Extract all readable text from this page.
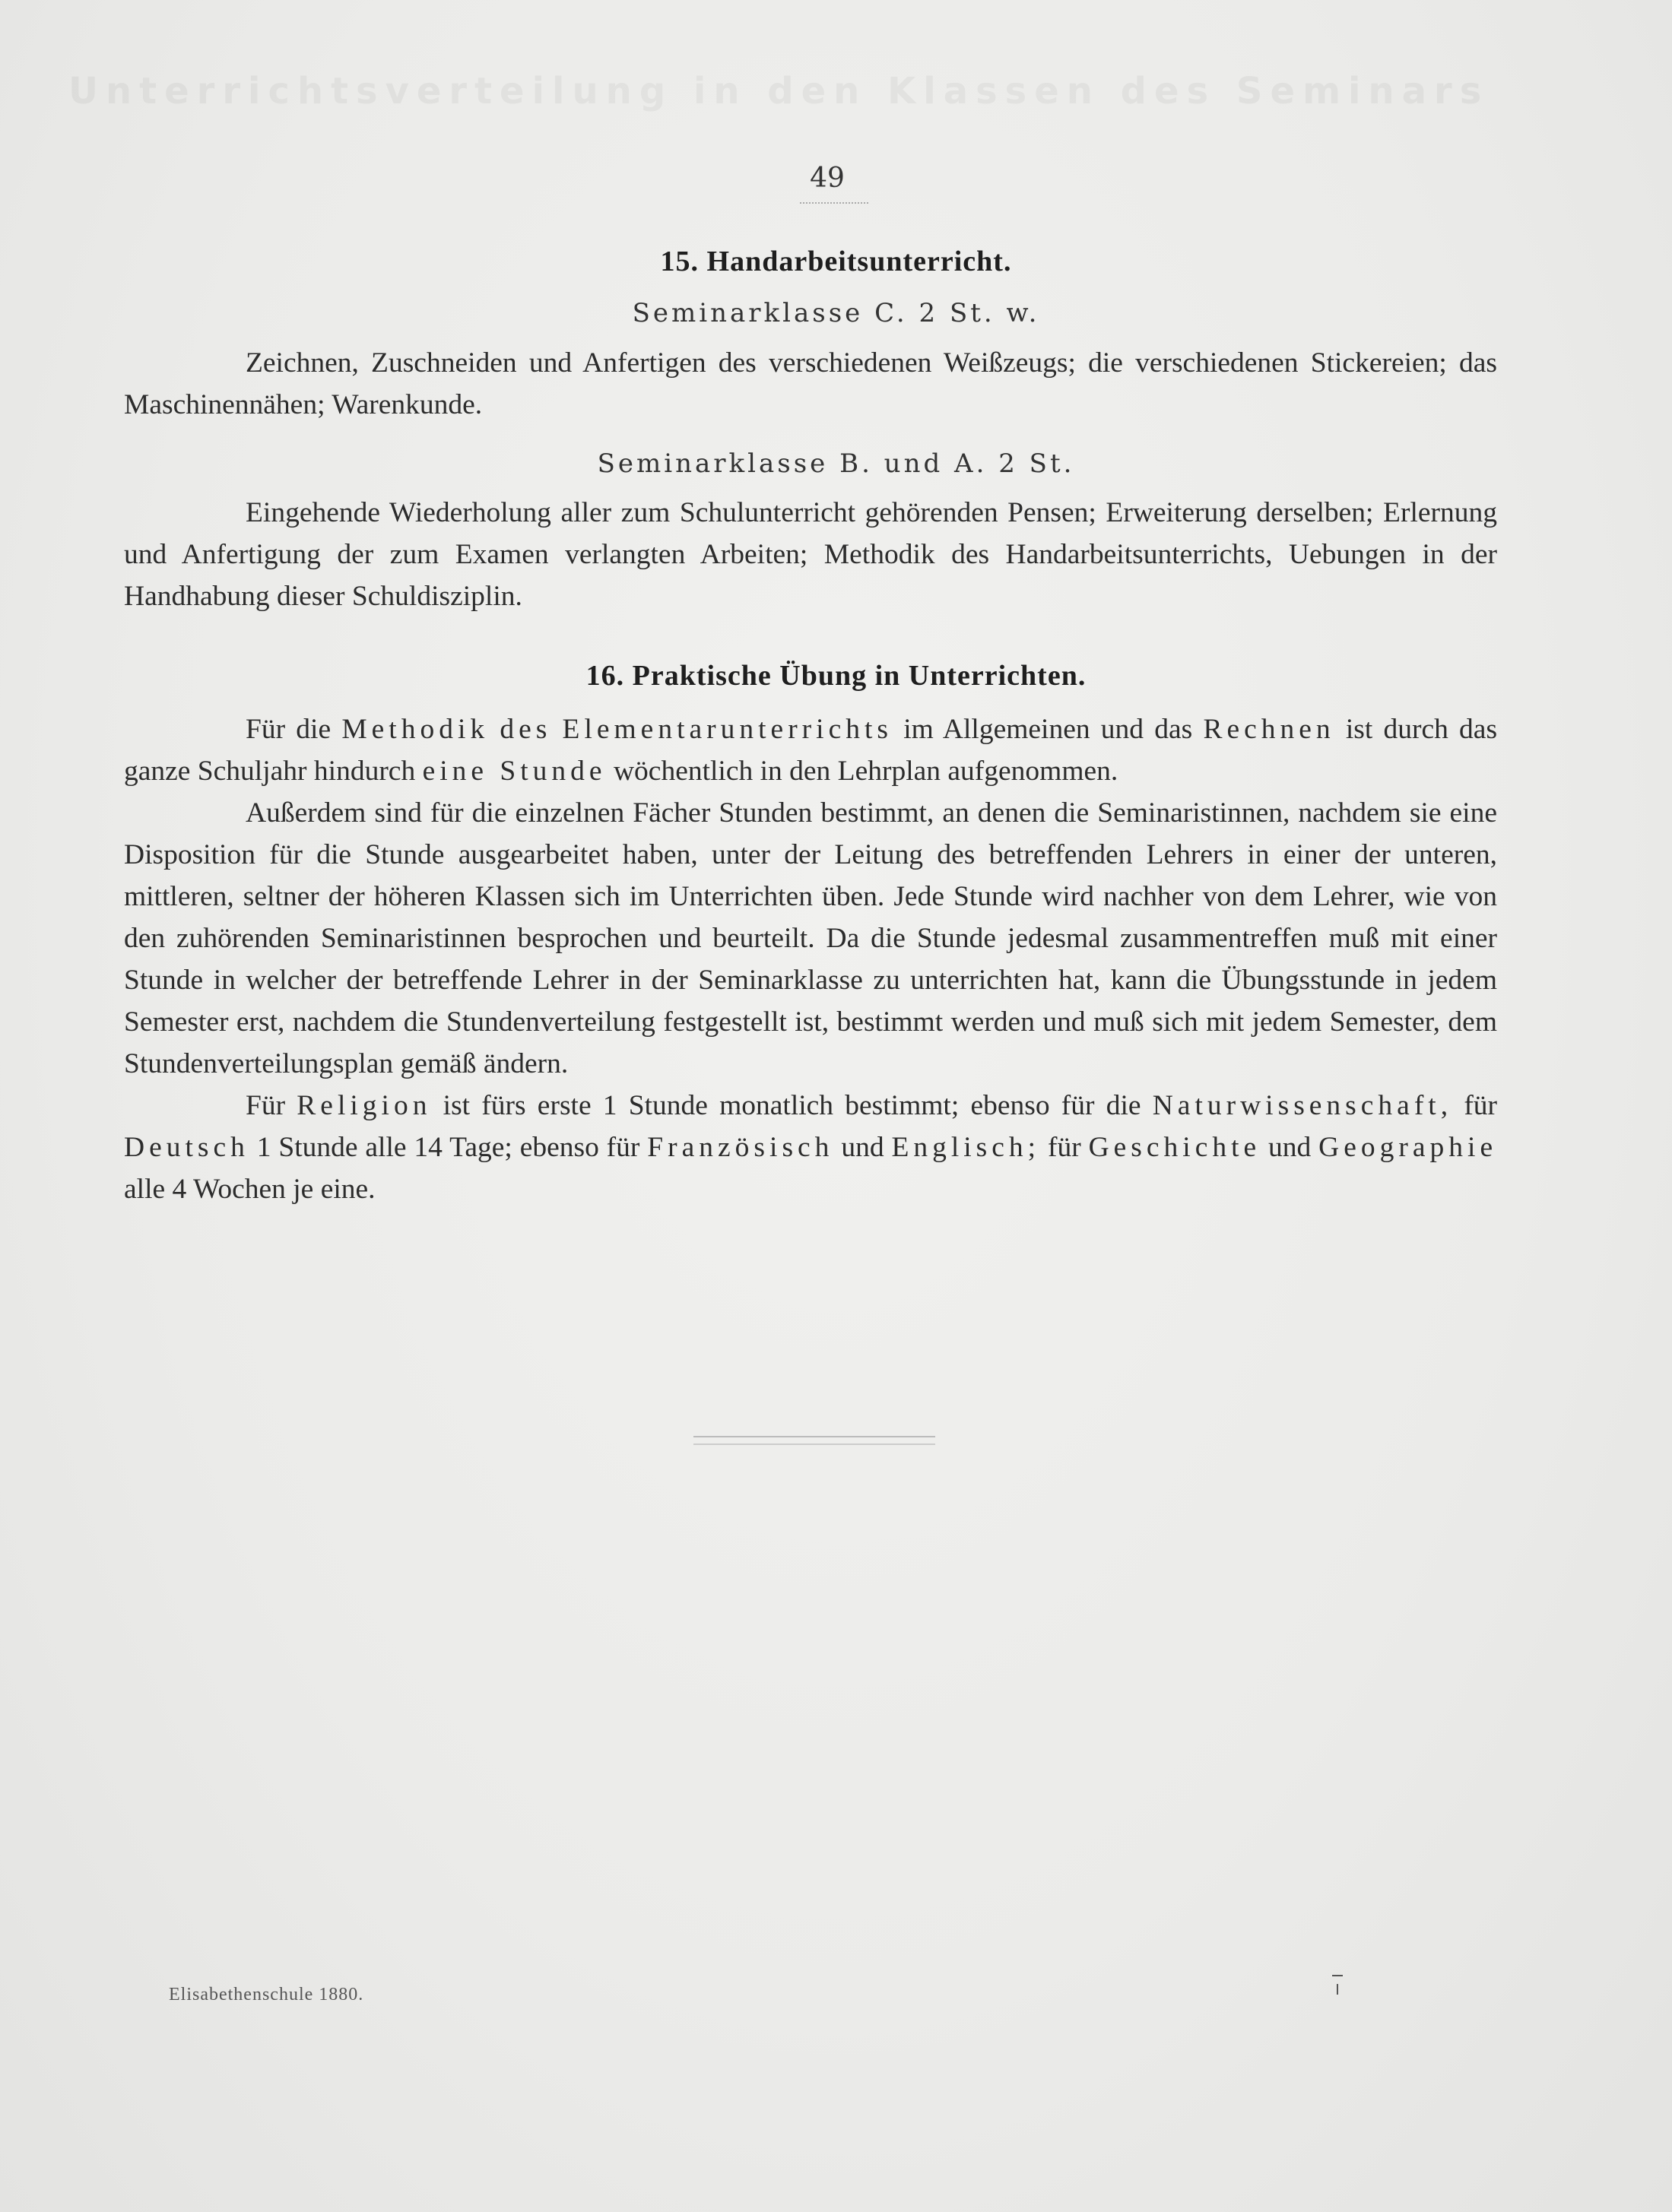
Unterrichtsverteilung in den Klassen des Seminars
49
15. Handarbeitsunterricht.
Seminarklasse C. 2 St. w.

Zeichnen, Zuschneiden und Anfertigen des verschiedenen Weißzeugs; die verschiedenen Stickereien; das Maschinennähen; Warenkunde.

Seminarklasse B. und A. 2 St.

Eingehende Wiederholung aller zum Schulunterricht gehörenden Pensen; Erweiterung derselben; Erlernung und Anfertigung der zum Examen verlangten Arbeiten; Methodik des Handarbeitsunterrichts, Uebungen in der Handhabung dieser Schuldisziplin.

16. Praktische Übung in Unterrichten.

Für die Methodik des Elementarunterrichts im Allgemeinen und das Rechnen ist durch das ganze Schuljahr hindurch eine Stunde wöchentlich in den Lehrplan aufgenommen.

Außerdem sind für die einzelnen Fächer Stunden bestimmt, an denen die Seminaristinnen, nachdem sie eine Disposition für die Stunde ausgearbeitet haben, unter der Leitung des betreffenden Lehrers in einer der unteren, mittleren, seltner der höheren Klassen sich im Unterrichten üben. Jede Stunde wird nachher von dem Lehrer, wie von den zuhörenden Seminaristinnen besprochen und beurteilt. Da die Stunde jedesmal zusammentreffen muß mit einer Stunde in welcher der betreffende Lehrer in der Seminarklasse zu unterrichten hat, kann die Übungsstunde in jedem Semester erst, nachdem die Stundenverteilung festgestellt ist, bestimmt werden und muß sich mit jedem Semester, dem Stundenverteilungsplan gemäß ändern.

Für Religion ist fürs erste 1 Stunde monatlich bestimmt; ebenso für die Naturwissenschaft, für Deutsch 1 Stunde alle 14 Tage; ebenso für Französisch und Englisch; für Geschichte und Geographie alle 4 Wochen je eine.

Elisabethenschule 1880.
